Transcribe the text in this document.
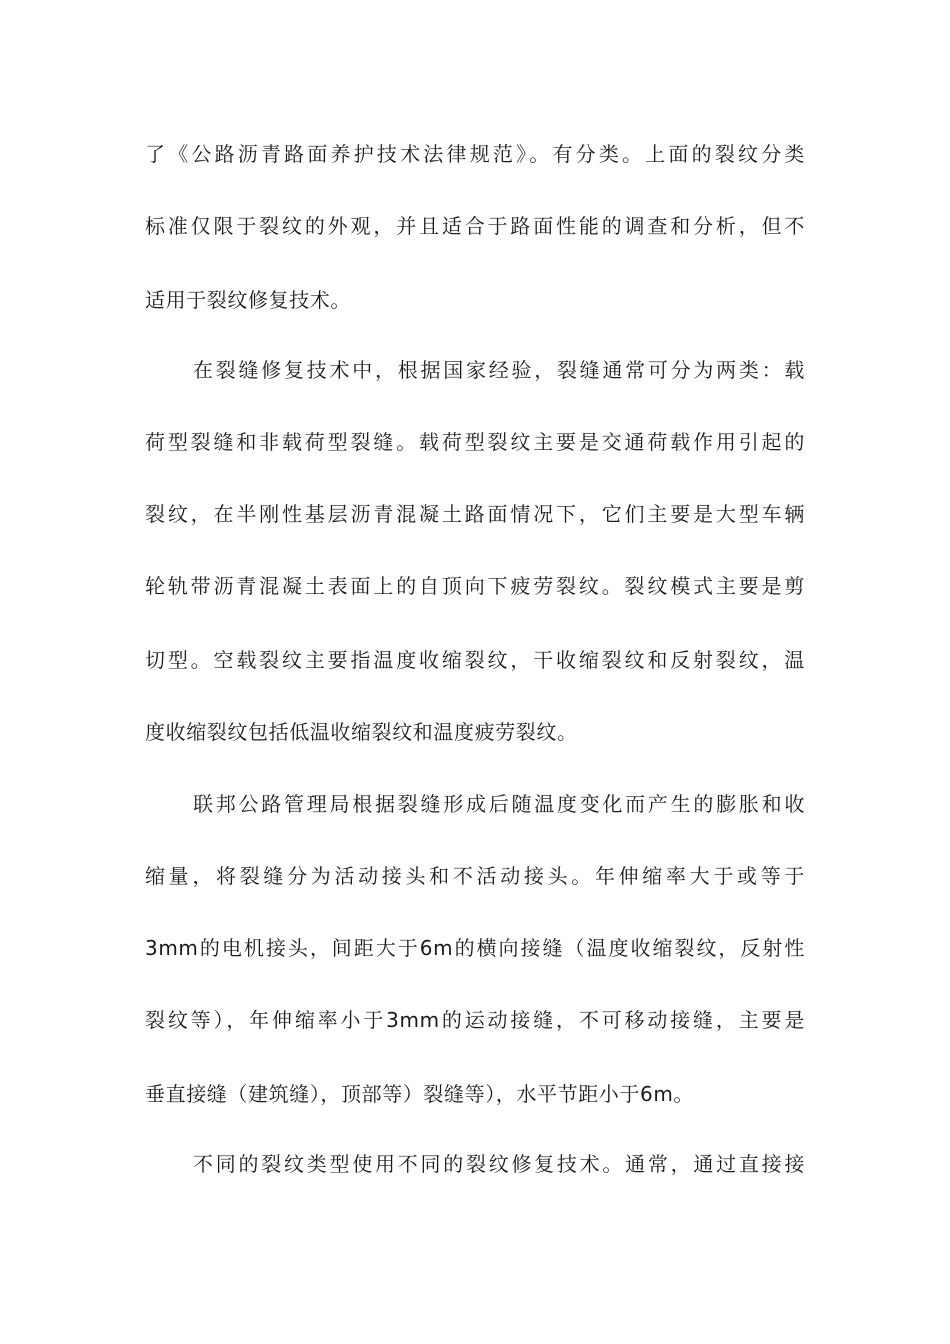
了《公路沥青路面养护技术法律规范》。有分类。上面的裂纹分类
标准仅限于裂纹的外观，并且适合于路面性能的调查和分析，但不
适用于裂纹修复技术。
在裂缝修复技术中，根据国家经验，裂缝通常可分为两类：载
荷型裂缝和非载荷型裂缝。载荷型裂纹主要是交通荷载作用引起的
裂纹，在半刚性基层沥青混凝土路面情况下，它们主要是大型车辆
轮轨带沥青混凝土表面上的自顶向下疲劳裂纹。裂纹模式主要是剪
切型。空载裂纹主要指温度收缩裂纹，干收缩裂纹和反射裂纹，温
度收缩裂纹包括低温收缩裂纹和温度疲劳裂纹。
联邦公路管理局根据裂缝形成后随温度变化而产生的膨胀和收
缩量，将裂缝分为活动接头和不活动接头。年伸缩率大于或等于
3mm的电机接头，间距大于6m的横向接缝（温度收缩裂纹，反射性
裂纹等），年伸缩率小于3mm的运动接缝，不可移动接缝，主要是
垂直接缝（建筑缝），顶部等）裂缝等），水平节距小于6m。
不同的裂纹类型使用不同的裂纹修复技术。通常，通过直接接
